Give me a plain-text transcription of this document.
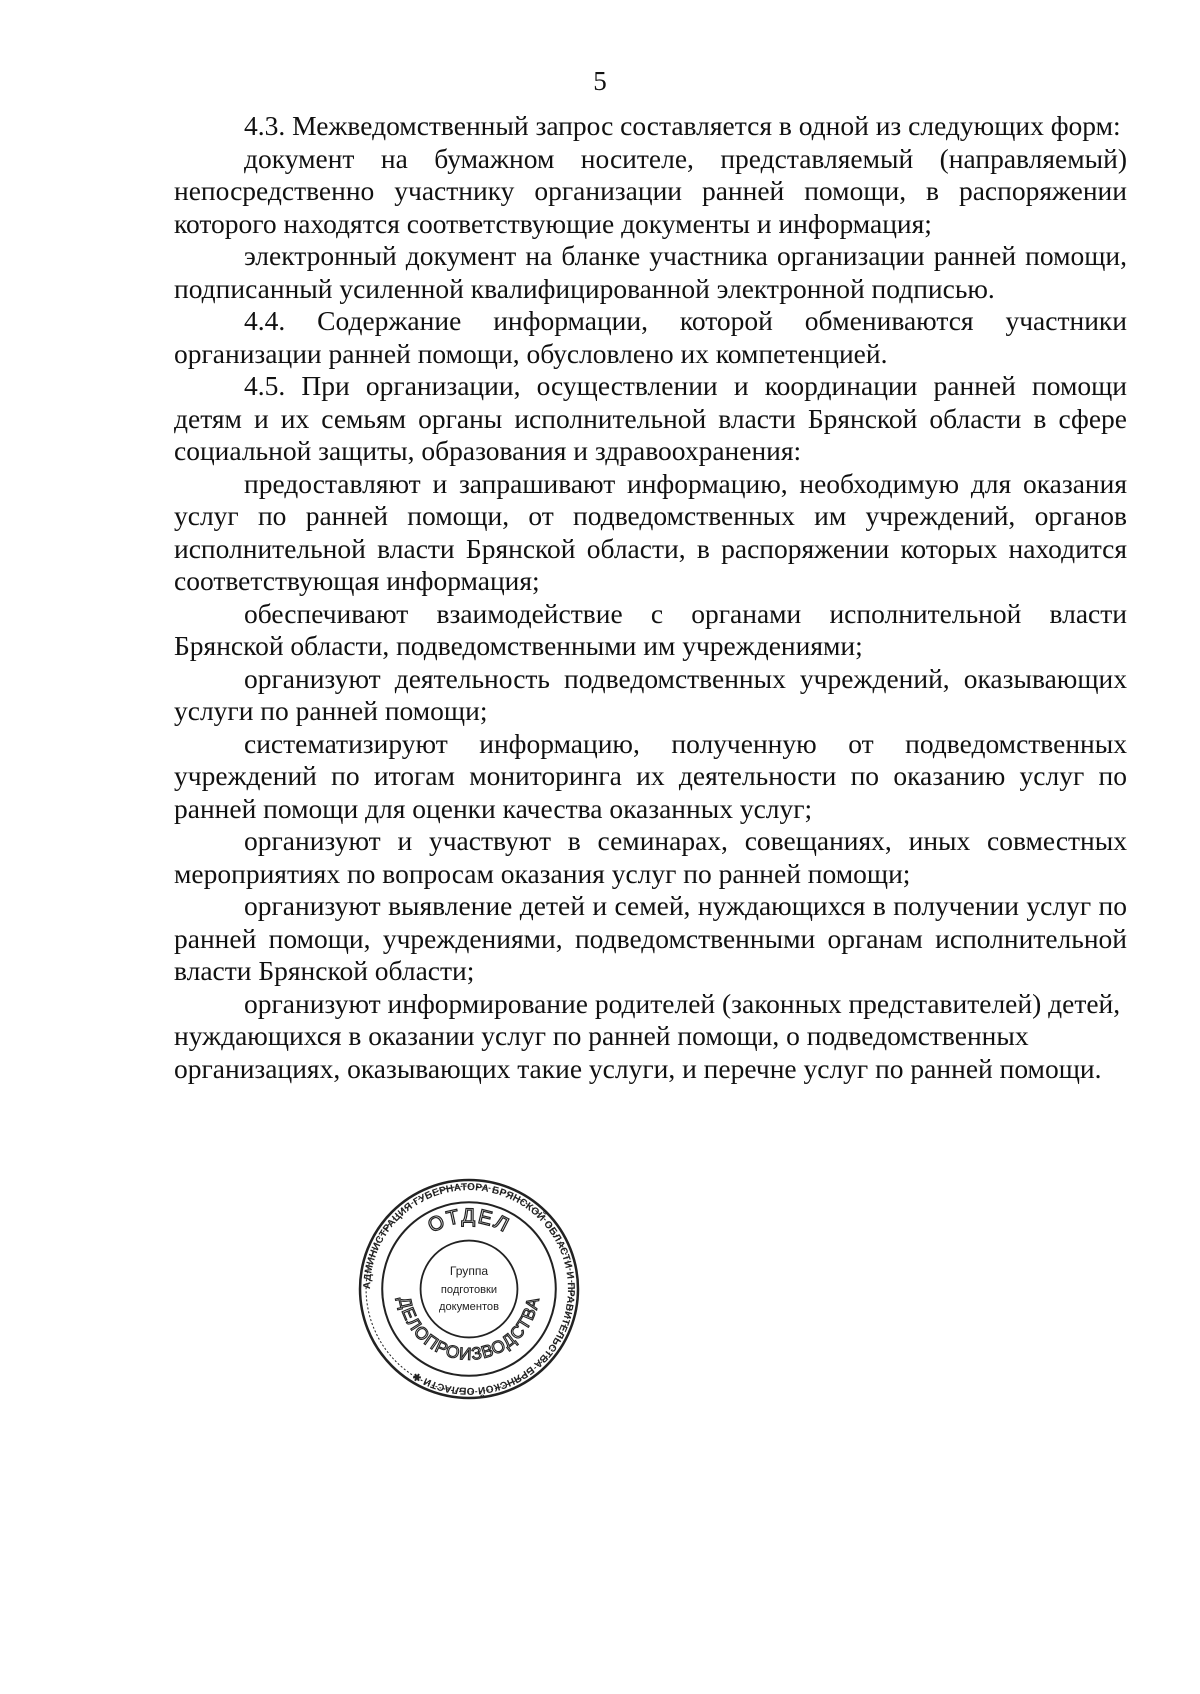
5

4.3. Межведомственный запрос составляется в одной из следующих форм:

документ на бумажном носителе, представляемый (направляемый) непосредственно участнику организации ранней помощи, в распоряжении которого находятся соответствующие документы и информация;

электронный документ на бланке участника организации ранней помощи, подписанный усиленной квалифицированной электронной подписью.

4.4. Содержание информации, которой обмениваются участники организации ранней помощи, обусловлено их компетенцией.

4.5. При организации, осуществлении и координации ранней помощи детям и их семьям органы исполнительной власти Брянской области в сфере социальной защиты, образования и здравоохранения:

предоставляют и запрашивают информацию, необходимую для оказания услуг по ранней помощи, от подведомственных им учреждений, органов исполнительной власти Брянской области, в распоряжении которых находится соответствующая информация;

обеспечивают взаимодействие с органами исполнительной власти Брянской области, подведомственными им учреждениями;

организуют деятельность подведомственных учреждений, оказывающих услуги по ранней помощи;

систематизируют информацию, полученную от подведомственных учреждений по итогам мониторинга их деятельности по оказанию услуг по ранней помощи для оценки качества оказанных услуг;

организуют и участвуют в семинарах, совещаниях, иных совместных мероприятиях по вопросам оказания услуг по ранней помощи;

организуют выявление детей и семей, нуждающихся в получении услуг по ранней помощи, учреждениями, подведомственными органам исполнительной власти Брянской области;

организуют информирование родителей (законных представителей) детей, нуждающихся в оказании услуг по ранней помощи, о подведомственных организациях, оказывающих такие услуги, и перечне услуг по ранней помощи.

АДМИНИСТРАЦИЯ ГУБЕРНАТОРА БРЯНСКОЙ ОБЛАСТИ И ПРАВИТЕЛЬСТВА БРЯНСКОЙ ОБЛАСТИ ✱
ОТДЕЛ
ДЕЛОПРОИЗВОДСТВА
Группа
подготовки
документов
